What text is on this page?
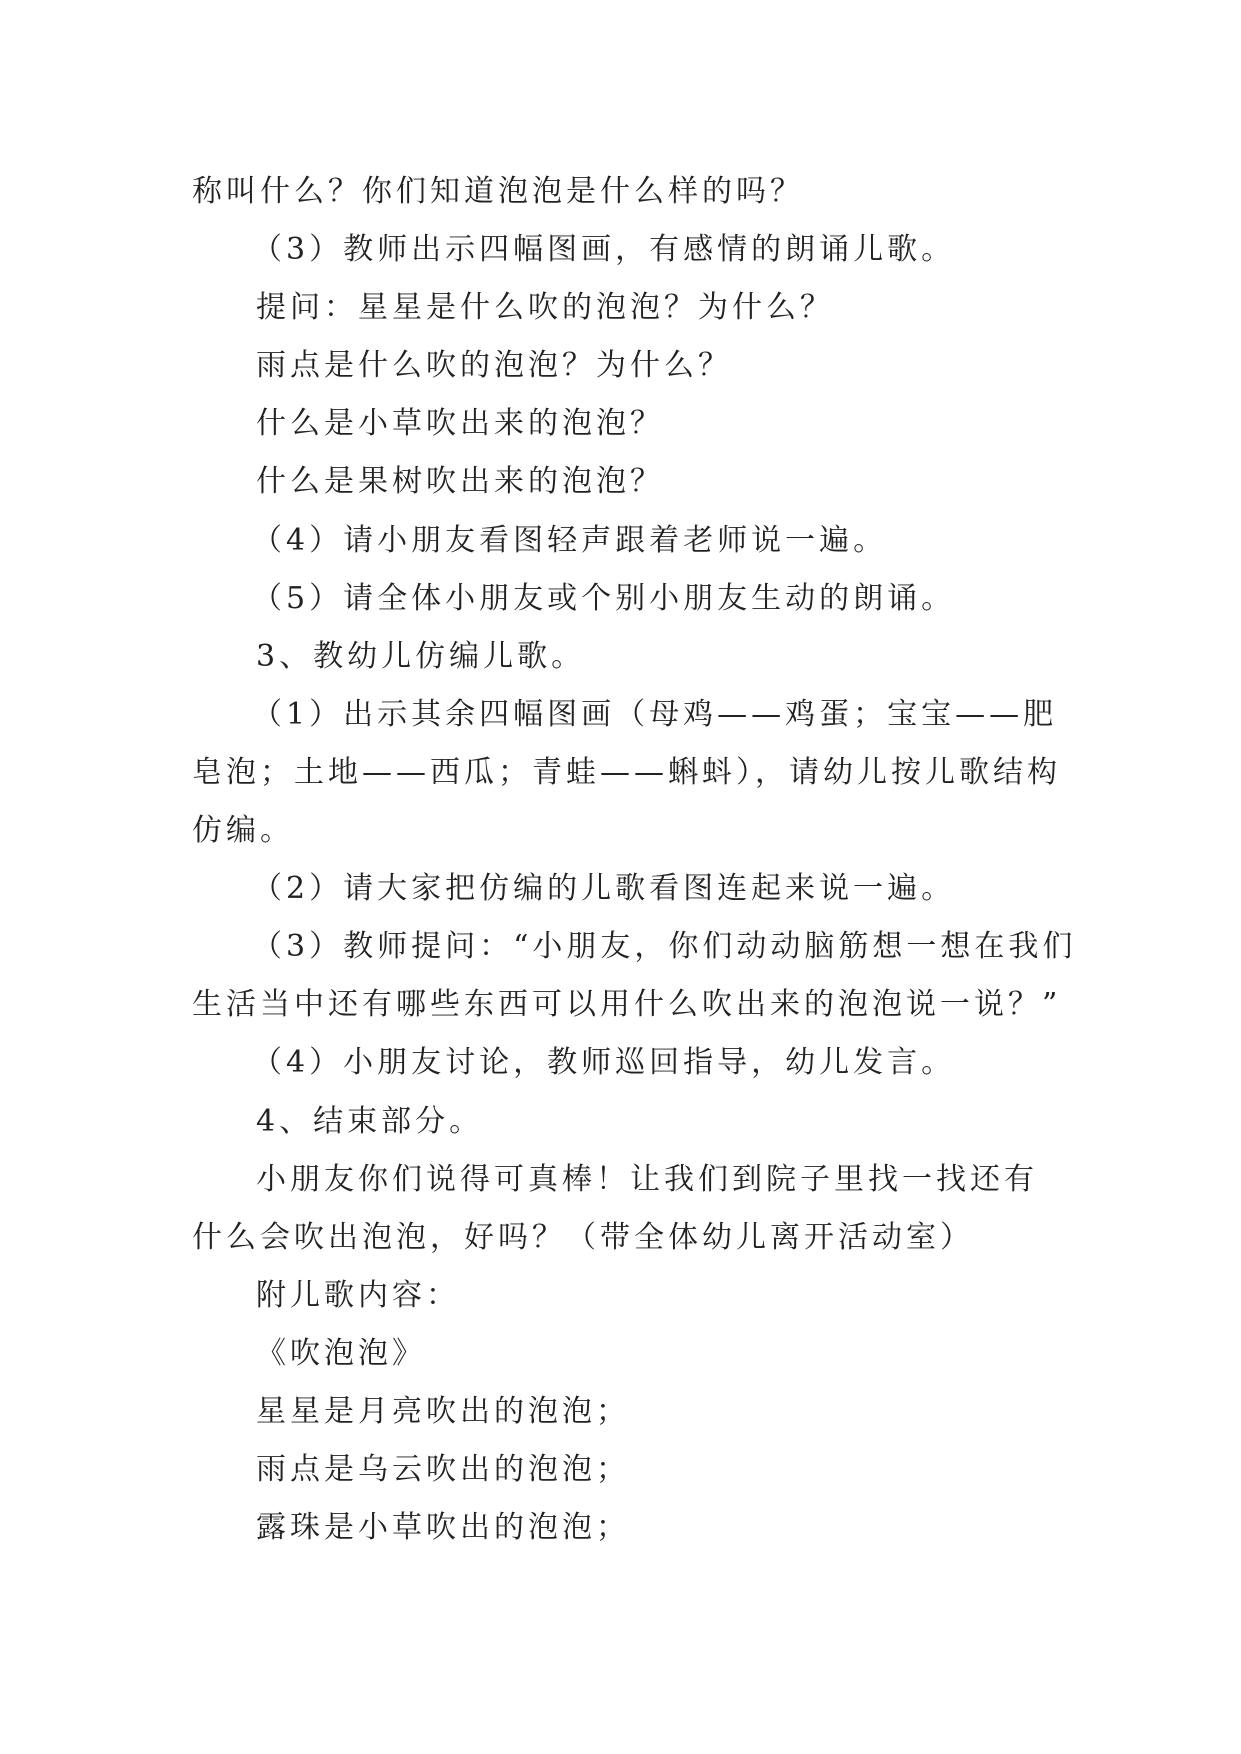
称叫什么？你们知道泡泡是什么样的吗？

（3）教师出示四幅图画，有感情的朗诵儿歌。

提问：星星是什么吹的泡泡？为什么？

雨点是什么吹的泡泡？为什么？

什么是小草吹出来的泡泡？

什么是果树吹出来的泡泡？

（4）请小朋友看图轻声跟着老师说一遍。

（5）请全体小朋友或个别小朋友生动的朗诵。

3、教幼儿仿编儿歌。

（1）出示其余四幅图画（母鸡——鸡蛋；宝宝——肥

皂泡；土地——西瓜；青蛙——蝌蚪），请幼儿按儿歌结构

仿编。

（2）请大家把仿编的儿歌看图连起来说一遍。

（3）教师提问：“小朋友，你们动动脑筋想一想在我们

生活当中还有哪些东西可以用什么吹出来的泡泡说一说？”

（4）小朋友讨论，教师巡回指导，幼儿发言。

4、结束部分。

小朋友你们说得可真棒！让我们到院子里找一找还有

什么会吹出泡泡，好吗？（带全体幼儿离开活动室）

附儿歌内容：

《吹泡泡》

星星是月亮吹出的泡泡；

雨点是乌云吹出的泡泡；

露珠是小草吹出的泡泡；
